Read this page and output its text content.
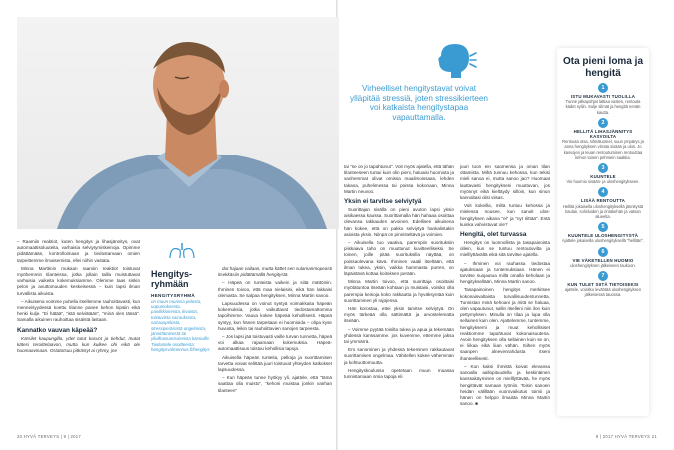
– Raamiin reaktiot, kuten hengitys ja lihasjännitys, ovat automaattisoluuteita, varhaisia selviytymiskeinoja. Opimme pidättämään, kontrolloimaan ja tiedostamaan omien tarpeittemme ilmaisemista, ellei niihin vastata.

Minna Marttinin mukaan raamiin reaktiot toistuvat myöhemmin tilanteissa, jotka jollain tailla muistuttavat varhaisia vaikeita kokemuksiamme. Olemme taas siskin pelon ja avuttomuuden keskeisessä – kuin lapsi ilman turvallista aikuista.

– Aikuisena voimme puhella itsellemme rauhoittavasti, kun menneisyydessä koettu tilanne panee kehon kipsiin eikä henki kulje. "Ei hätää", "istä selviätään", "minä olen tässä". Samalla aikuinen rauhoittaa sisäistä lastaan.

Kannatko vauvan käpeää?

Kärsilet kaupungilla, ydet tutut kasvot ja tiehdut, mutat kätesi teroittelaavon, mutta kun kulkee ohi eikä ole huomaavinaan. Ostatotsuu pitkästyt ai ryhmy, jne

Hengitys-ryhmään
HENGITYSRYHMÄ
on muun muassa pelosta, uupumuksesta, paniikkioireista, kivuista, toistuvista sairauksista, sairauspelosta, stressiperäisistä ongelmista, jännittämisestä tai ylivilkastumisoireista kärsiville. Tiedustele osoitteesta: hengitysvalmennus.fi/hengitys

dut hajaan vailaan, mutta kättet sen sulamanmopeasti itsekkäsiin pidättämällä hengitystä.

– Häpeä on tunteista vaikein ja siitä mättöinin. Ihminen toivoo, että maa nielaisisi, eikä hän lakkaisi olemasta. Se salpaa hengityksen, Minna Martin sanoo.

Lapsuudessa on voinut syntyä voimakkaita häpeän kokemuksia, jotka vaikuttavat tiedostamattomina tapoihimme. Vauva kokee häpeää kehollisesti. Häpeä syntyy, kun hänen tarpeitaan ei huomioida – olipa kyse huvusta, leikin tai rauhoittavien sanojen tarpeesta.

– Jos lapsi jää toistuvasti vaille turvan tunnetta, häpeä voi alkaa rajaamaan kokemuksia. Häpeä-automaattisuus toistuu kehollisia tapoja.

Aikuisella häpeän tunteita, pelkoja ja suorittamisen tarvetta voivat selittää juuri toistuvat yhteyden katkokset lapsuudessa.

– Kun häpeän tunne hyökyy yli, ajattele, että "tämä saattaa olla muisto", "kehoni muistaa jonkin vanhan tilanteen"

Virheelliset hengitystavat voivat ylläpitää stressiä, joten stressikierteen voi katkaista hengitystapaa vapauttamalla.

tai "se on jo tapahtunut". Voit myös ajatella, että tähän tilanteeseen tuntui kuin olin pieni, haluaisi huomiota ja vanhemmat olivat omissa maailmoissaan, lehden takana, puhelimessa tai poissa kokonaan, Minna Martin neuvoo.

Yksin ei tarvitse selviytyä

Suorittajan sisällä on pieni avuton lapsi yksin aisikaessa kaussa. Suorittamalla hän hahaaa osoittaa olevansa rakkauden arvoinen. Edellisen aikuisena hän kokee, että on pakko selviytyä hankalistakin asioista yksin. Niinpä on pinnisteltävä ja voimien.

– Aikuisella tuo vaativa, parempiin suorituksiin piiskaava taho on muuttunut kuvitteelliseksi. Se toinen, joille pitää suorituksilla näyttää, on poissaolevana kävä. Ihminen vaatii itseltään, että ilman tukea, yksin, vaikka hammasta purren, on läpäistävä kottaa koitoksen perään.

Minna Martin toivoo, että suorittaja osoittaisi myötätuntoa itseään kohtaan ja muistaisi, voisiko olla parempia keinoja koko rakkautta ja hyväksyntää kuin suorittaminen yli rajojensa.

Hän korostaa, ettei yksin tarvitse selviytyä. On myös tärkeää olla sättimättä ja arvostelematta itseään.

– Voimme pyytää toisilta tukea ja apua ja tekemään yhdessä kanssamme. jos kuvemme, ettemme jaksa tai ymmärrä.

Ero sanominen ja yhdessä tekeminen rakkautavat suorittamisen ongelmaa. Vähitellen kokee vähemmän ja kohtuuttomuutta.

Hengityskoulussa opetetaan muun muassa tunnistamaan omia tapoja eli

juuri tuon ein saomensa ja oman tilan ottamista. Mihä tunnuu kehossa, kun tekisi mieli sanoa ei, mutta sanoo jao? Huomaat lauttavasti hengityksesi muuttuvan, jos myönnyt eikä kieltäydy silloin, kun sinun kannaltasi olisi viisas.

Voit kokeilla, miltä tuntuu kehossa ja mielessä nousee, kun sanoit ulos- hengityksen aikana "ei" ja "nyt riittää". Entä kuinka vahvistuvat ole?

Hengitä, olet turvassa

Hengitys on luonnollista ja tasapainoista ollein, kun se tuntuu rentoutuvilta ja mielllyttävältä eikä sitä tarvitse ajatella.

– Ihminen voi rauhassa tiedostaa ajatuksiaan ja tuntemuksiaan. Hänen ei tarvitse suojautua millä omalla keholaan ja hengityksellään, Minna Martin sanoo.

Tasapainoinen hengitys merkitsee kokonaisvaltaista turvallisuudentunnetta. Tunnistan minä kehoani ja mitä se haluaa, olen vapautunut, sallin itselleni niin ilon kuin pettymyksen. Minulla on tilaa ja lupa olla sellainen kuin olen. Ajattelemme, tuntemme, hengityksemi ja muut kehollisiset reaktiomme tapahtuvat kokonaisuutena. Avoin hengityksen olla sellainen kuin se on, ei liikaa eikä liian vähän. Siihen myös saanpen alnevenrahdusta itseni ihanteellisesti.

– Kun kaksi ihmistä koivat elevansa sanoalla aallopituudella ja keskinäinen kanssakäyminen on mielllyttävää, he myös hengittävät samaan rytmiin. Toisin sanoen heidän välillään vuorovaikutus toimii ja hänen on helppo ilmaista Minna Martin sanoo. ■

Ota pieni loma ja hengitä
1
ISTU MUKAVASTI TUOLILLA
Tunne jalkapohjat lattiaa vasten, rentouta kädet syliin. Sulje silmät ja hengitä nenän kautta.
2
HELLITÄ LIHASJÄNNITYS KASVOILTA
Rentouta otsa, silmäluomet, suun ympärys ja anna hengityksen virrata sisään ja ulos. Jo kasvojen ja leuan rentoutuminen rentouttaa kehon toinen pehmein saakka.
3
KUUNTELE
Vie huomio sisään- ja uloshengitykseen.
4
LISÄÄ RENTOUTTA
Hellitä jokaisella uloshengityksellä jännitystä kaulan, solisluiden ja rintakehän ja vatsan alueelta.
5
KUUNTELE ULOSHENGITYSTÄ
Ajattele jokaisella uloshengityksellä "hellitän".
6
VIE VÄKETELLEN HUOMIO
uloshengityksen jälkeiseen taukoon.
7
KUN TULET SIITÄ TIETOISEKSI
ajattele, voisitko levähtää uloshengityksen jälkeisessä tauossa.
20 HYVÄ TERVEYS | 9 | 2017	9 | 2017 HYVÄ TERVEYS 21
